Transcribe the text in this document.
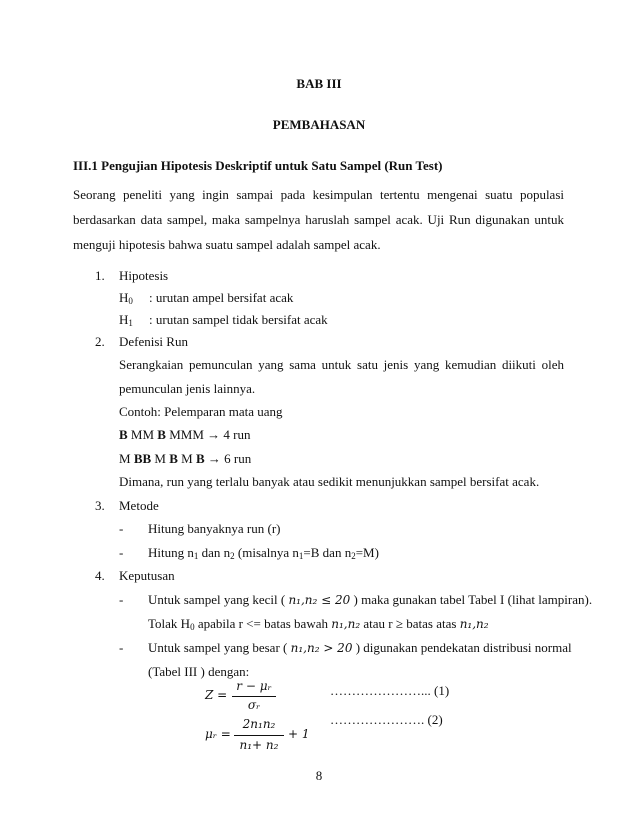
BAB III
PEMBAHASAN
III.1 Pengujian Hipotesis Deskriptif untuk Satu Sampel (Run Test)
Seorang peneliti yang ingin sampai pada kesimpulan tertentu mengenai suatu populasi
berdasarkan data sampel, maka sampelnya haruslah sampel acak. Uji Run digunakan untuk
menguji hipotesis bahwa suatu sampel adalah sampel acak.
1. Hipotesis
$H_0$ : urutan ampel bersifat acak
$H_1$ : urutan sampel tidak bersifat acak
2. Defenisi Run
Serangkaian pemunculan yang sama untuk satu jenis yang kemudian diikuti oleh
pemunculan jenis lainnya.
Contoh: Pelemparan mata uang
B MM B MMM → 4 run
M BB M B M B → 6 run
Dimana, run yang terlalu banyak atau sedikit menunjukkan sampel bersifat acak.
3. Metode
- Hitung banyaknya run (r)
- Hitung $n_1$ dan $n_2$ (misalnya $n_1=B$ dan $n_2=M$)
4. Keputusan
- Untuk sampel yang kecil ( n₁,n₂ ≤ 20 ) maka gunakan tabel Tabel I (lihat lampiran).
Tolak $H_0$ apabila r <= batas bawah n₁,n₂ atau r ≥ batas atas n₁,n₂
- Untuk sampel yang besar ( n₁,n₂ > 20 ) digunakan pendekatan distribusi normal
(Tabel III ) dengan:
Z =
r − μᵣ
σᵣ
…………………... (1)
μᵣ =
2n₁n₂
n₁+ n₂
+ 1
…………………. (2)
8
